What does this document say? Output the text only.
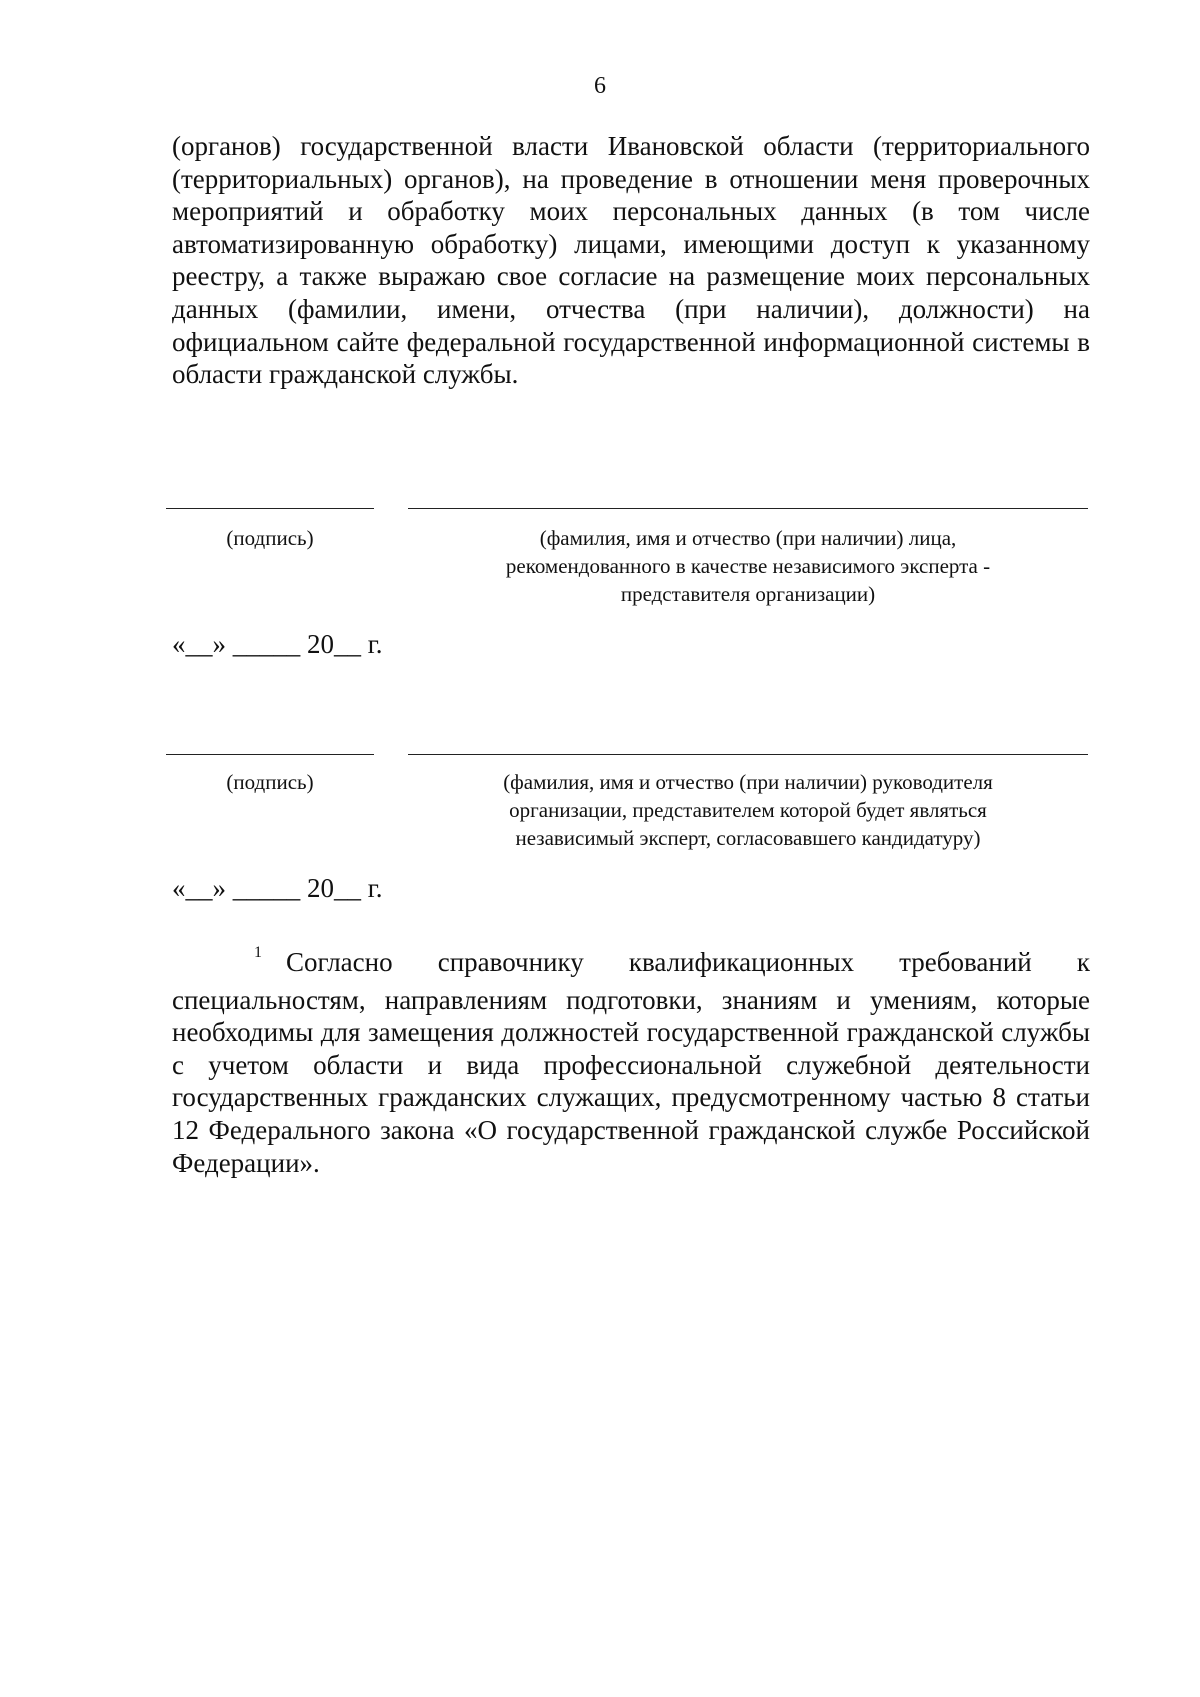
6
(органов) государственной власти Ивановской области (территориального (территориальных) органов), на проведение в отношении меня проверочных мероприятий и обработку моих персональных данных (в том числе автоматизированную обработку) лицами, имеющими доступ к указанному реестру, а также выражаю свое согласие на размещение моих персональных данных (фамилии, имени, отчества (при наличии), должности) на официальном сайте федеральной государственной информационной системы в области гражданской службы.
(подпись)	(фамилия, имя и отчество (при наличии) лица,
рекомендованного в качестве независимого эксперта -
представителя организации)
«__» _____ 20__ г.
(подпись)	(фамилия, имя и отчество (при наличии) руководителя
организации, представителем которой будет являться
независимый эксперт, согласовавшего кандидатуру)
«__» _____ 20__ г.
1 Согласно справочнику квалификационных требований к специальностям, направлениям подготовки, знаниям и умениям, которые необходимы для замещения должностей государственной гражданской службы с учетом области и вида профессиональной служебной деятельности государственных гражданских служащих, предусмотренному частью 8 статьи 12 Федерального закона «О государственной гражданской службе Российской Федерации».
